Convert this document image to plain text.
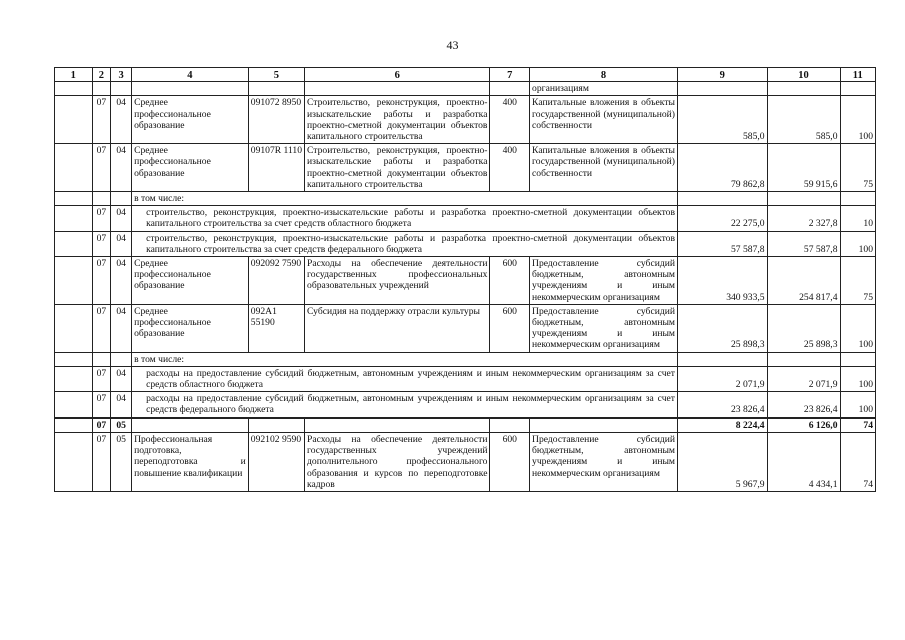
43
1	2	3	4	5	6	7	8	9	10	11
							организациям			
	07	04	Среднее профессиональное образование	091072 8950	Строительство, реконструкция, проектно-изыскательские работы и разработка проектно-сметной документации объектов капитального строительства	400	Капитальные вложения в объекты государственной (муниципальной) собственности	585,0	585,0	100
	07	04	Среднее профессиональное образование	09107R 1110	Строительство, реконструкция, проектно-изыскательские работы и разработка проектно-сметной документации объектов капитального строительства	400	Капитальные вложения в объекты государственной (муниципальной) собственности	79 862,8	59 915,6	75
			в том числе:							
	07	04	строительство, реконструкция, проектно-изыскательские работы и разработка проектно-сметной документации объектов капитального строительства за счет средств областного бюджета					22 275,0	2 327,8	10
	07	04	строительство, реконструкция, проектно-изыскательские работы и разработка проектно-сметной документации объектов капитального строительства за счет средств федерального бюджета					57 587,8	57 587,8	100
	07	04	Среднее профессиональное образование	092092 7590	Расходы на обеспечение деятельности государственных профессиональных образовательных учреждений	600	Предоставление субсидий бюджетным, автономным учреждениям и иным некоммерческим организациям	340 933,5	254 817,4	75
	07	04	Среднее профессиональное образование	092A1 55190	Субсидия на поддержку отрасли культуры	600	Предоставление субсидий бюджетным, автономным учреждениям и иным некоммерческим организациям	25 898,3	25 898,3	100
			в том числе:							
	07	04	расходы на предоставление субсидий бюджетным, автономным учреждениям и иным некоммерческим организациям за счет средств областного бюджета					2 071,9	2 071,9	100
	07	04	расходы на предоставление субсидий бюджетным, автономным учреждениям и иным некоммерческим организациям за счет средств федерального бюджета					23 826,4	23 826,4	100
	07	05						8 224,4	6 126,0	74
	07	05	Профессиональная подготовка, переподготовка и повышение квалификации	092102 9590	Расходы на обеспечение деятельности государственных учреждений дополнительного профессионального образования и курсов по переподготовке кадров	600	Предоставление субсидий бюджетным, автономным учреждениям и иным некоммерческим организациям	5 967,9	4 434,1	74
